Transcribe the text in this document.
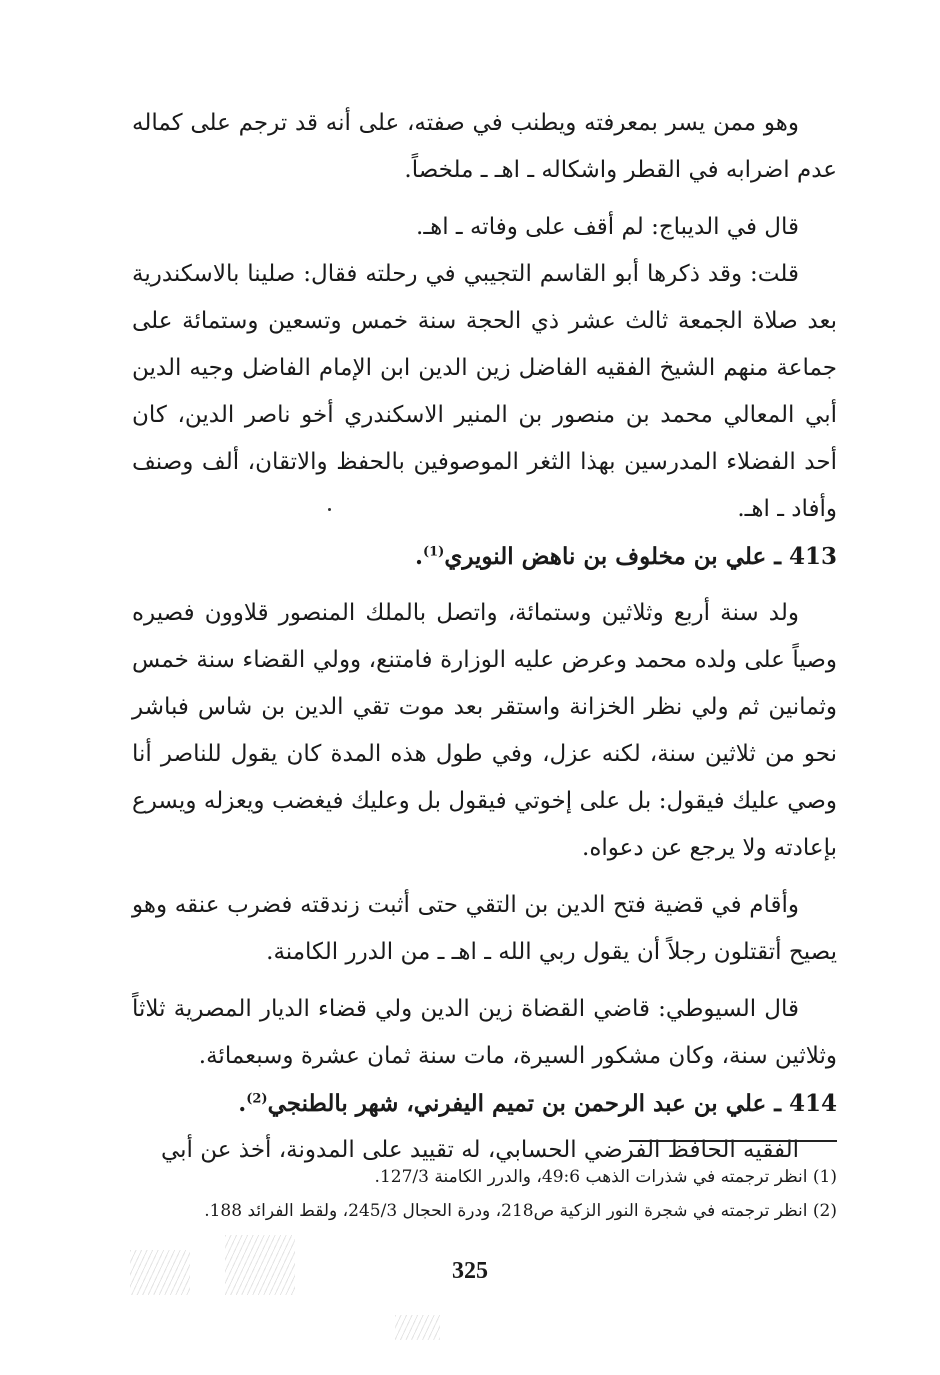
وهو ممن يسر بمعرفته ويطنب في صفته، على أنه قد ترجم على كماله عدم اضرابه في القطر واشكاله ـ اهـ ـ ملخصاً.

قال في الديباج: لم أقف على وفاته ـ اهـ.

قلت: وقد ذكرها أبو القاسم التجيبي في رحلته فقال: صلينا بالاسكندرية بعد صلاة الجمعة ثالث عشر ذي الحجة سنة خمس وتسعين وستمائة على جماعة منهم الشيخ الفقيه الفاضل زين الدين ابن الإمام الفاضل وجيه الدين أبي المعالي محمد بن منصور بن المنير الاسكندري أخو ناصر الدين، كان أحد الفضلاء المدرسين بهذا الثغر الموصوفين بالحفظ والاتقان، ألف وصنف وأفاد ـ اهـ.

413 ـ علي بن مخلوف بن ناهض النويري$^{(1)}$.

ولد سنة أربع وثلاثين وستمائة، واتصل بالملك المنصور قلاوون فصيره وصياً على ولده محمد وعرض عليه الوزارة فامتنع، وولي القضاء سنة خمس وثمانين ثم ولي نظر الخزانة واستقر بعد موت تقي الدين بن شاس فباشر نحو من ثلاثين سنة، لكنه عزل، وفي طول هذه المدة كان يقول للناصر أنا وصي عليك فيقول: بل على إخوتي فيقول بل وعليك فيغضب ويعزله ويسرع بإعادته ولا يرجع عن دعواه.

وأقام في قضية فتح الدين بن التقي حتى أثبت زندقته فضرب عنقه وهو يصيح أتقتلون رجلاً أن يقول ربي الله ـ اهـ ـ من الدرر الكامنة.

قال السيوطي: قاضي القضاة زين الدين ولي قضاء الديار المصرية ثلاثاً وثلاثين سنة، وكان مشكور السيرة، مات سنة ثمان عشرة وسبعمائة.

414 ـ علي بن عبد الرحمن بن تميم اليفرني، شهر بالطنجي$^{(2)}$.

الفقيه الحافظ الفرضي الحسابي، له تقييد على المدونة، أخذ عن أبي

(1) انظر ترجمته في شذرات الذهب 49:6، والدرر الكامنة 127/3.

(2) انظر ترجمته في شجرة النور الزكية ص218، ودرة الحجال 245/3، ولقط الفرائد 188.

325
